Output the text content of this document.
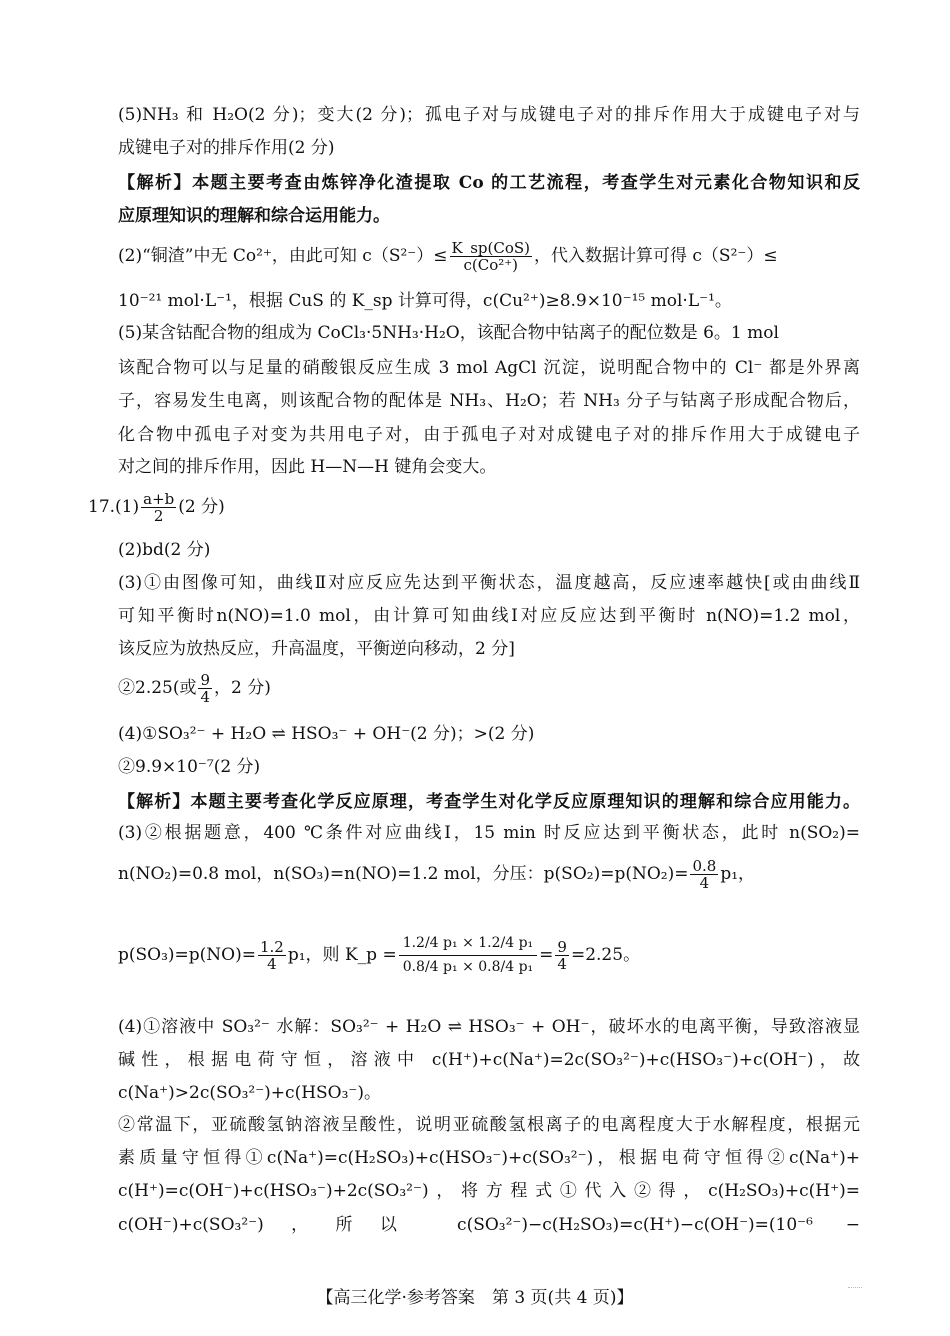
(5)NH₃ 和 H₂O(2 分)；变大(2 分)；孤电子对与成键电子对的排斥作用大于成键电子对与
成键电子对的排斥作用(2 分)
【解析】本题主要考查由炼锌净化渣提取 Co 的工艺流程，考查学生对元素化合物知识和反
应原理知识的理解和综合运用能力。
(2)“铜渣”中无 Co²⁺，由此可知 $c(S^{2-})\le \frac{\text{K\_sp(CoS)}}{\text{c(Co²⁺)}}$ ，代入数据计算可得 c（S²⁻）≤
10⁻²¹ mol·L⁻¹，根据 CuS 的 K_sp 计算可得，c(Cu²⁺)≥8.9×10⁻¹⁵ mol·L⁻¹。
(5)某含钴配合物的组成为 CoCl₃·5NH₃·H₂O，该配合物中钴离子的配位数是 6。1 mol
该配合物可以与足量的硝酸银反应生成 3 mol AgCl 沉淀，说明配合物中的 Cl⁻ 都是外界离
子，容易发生电离，则该配合物的配体是 NH₃、H₂O；若 NH₃ 分子与钴离子形成配合物后，
化合物中孤电子对变为共用电子对，由于孤电子对对成键电子对的排斥作用大于成键电子
对之间的排斥作用，因此 H—N—H 键角会变大。
$17.(1) \frac{a+b}{2} (2$ 分)
(2)bd(2 分)
(3)①由图像可知，曲线Ⅱ对应反应先达到平衡状态，温度越高，反应速率越快[或由曲线Ⅱ
可知平衡时n(NO)=1.0 mol，由计算可知曲线Ⅰ对应反应达到平衡时 n(NO)=1.2 mol，
该反应为放热反应，升高温度，平衡逆向移动，2 分]
②2.25(或 $\frac{9}{4}$ ，2 分)
(4)①SO₃²⁻ + H₂O ⇌ HSO₃⁻ + OH⁻(2 分)；>(2 分)
②9.9×10⁻⁷(2 分)
【解析】本题主要考查化学反应原理，考查学生对化学反应原理知识的理解和综合应用能力。
(3)②根据题意，400 ℃条件对应曲线Ⅰ，15 min 时反应达到平衡状态，此时 n(SO₂)=
n(NO₂)=0.8 mol，n(SO₃)=n(NO)=1.2 mol，分压：$p(SO_2)=p(NO_2)= \frac{0.8}{4} p_1$，
$p(SO_3)=p(NO)= \frac{1.2}{4} p_1$，则 K_p = $\frac{\text{1.2/4 p₁ × 1.2/4 p₁}}{\text{0.8/4 p₁ × 0.8/4 p₁}} = \frac{9}{4} =2.25$。
(4)①溶液中 SO₃²⁻ 水解：SO₃²⁻ + H₂O ⇌ HSO₃⁻ + OH⁻，破坏水的电离平衡，导致溶液显
碱性，根据电荷守恒，溶液中 c(H⁺)+c(Na⁺)=2c(SO₃²⁻)+c(HSO₃⁻)+c(OH⁻)，故
c(Na⁺)>2c(SO₃²⁻)+c(HSO₃⁻)。
②常温下，亚硫酸氢钠溶液呈酸性，说明亚硫酸氢根离子的电离程度大于水解程度，根据元
素质量守恒得①c(Na⁺)=c(H₂SO₃)+c(HSO₃⁻)+c(SO₃²⁻)，根据电荷守恒得②c(Na⁺)+
c(H⁺)=c(OH⁻)+c(HSO₃⁻)+2c(SO₃²⁻)，将方程式①代入②得，c(H₂SO₃)+c(H⁺)=
c(OH⁻)+c(SO₃²⁻)，所以 c(SO₃²⁻)−c(H₂SO₃)=c(H⁺)−c(OH⁻)=(10⁻⁶ −
【高三化学·参考答案　第 3 页(共 4 页)】
